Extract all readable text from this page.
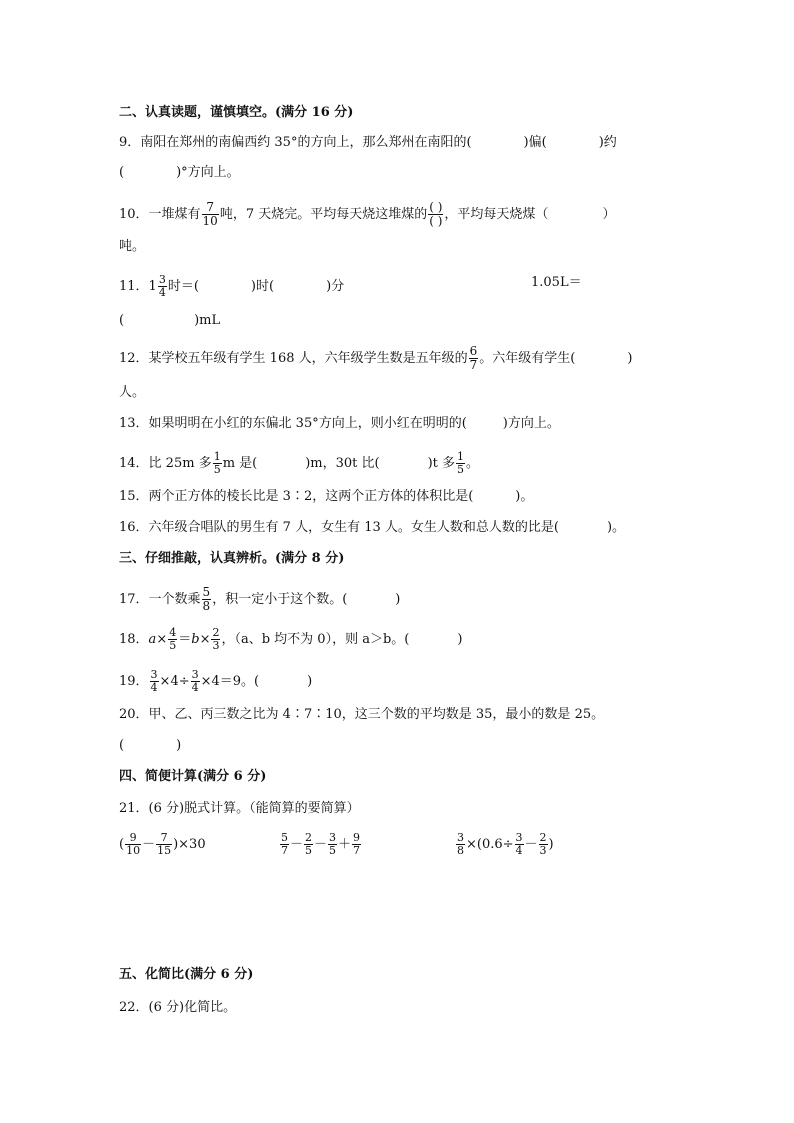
二、认真读题，谨慎填空。(满分 16 分)
9．南阳在郑州的南偏西约 35°的方向上，那么郑州在南阳的(	)偏(	)约
(	)°方向上。
10．一堆煤有 $\frac{7}{10}$ 吨，7 天烧完。平均每天烧这堆煤的 ( )
( ) ，平均每天烧煤（	）
吨。
11．$1 \frac{3}{4}$ 时＝(	)时(	)分	1.05L＝
(	)mL
12．某学校五年级有学生 168 人，六年级学生数是五年级的 $\frac{6}{7}$ 。六年级有学生(	)
人。
13．如果明明在小红的东偏北 35°方向上，则小红在明明的(	)方向上。
14．比 25m 多 $\frac{1}{5}$ m 是(	)m，30t 比(	)t 多 $\frac{1}{5}$ 。
15．两个正方体的棱长比是 3∶2，这两个正方体的体积比是(	)。
16．六年级合唱队的男生有 7 人，女生有 13 人。女生人数和总人数的比是(	)。
三、仔细推敲，认真辨析。(满分 8 分)
17．一个数乘 $\frac{5}{8}$ ，积一定小于这个数。(	)
18．$a\times \frac{4}{5} =b\times \frac{2}{3}$ ，（a、b 均不为 0），则 a＞b。(	)
19． $\frac{3}{4} \times 4\div \frac{3}{4} \times 4=9$。(	)
20．甲、乙、丙三数之比为 4∶7∶10，这三个数的平均数是 35，最小的数是 25。
(	)
四、简便计算(满分 6 分)
21．(6 分)脱式计算。（能简算的要简算）
( $\frac{9}{10} - \frac{7}{15} )\times 30$	$\frac{5}{7} - \frac{2}{5} - \frac{3}{5} + \frac{9}{7}$	$\frac{3}{8} \times(0.6\div \frac{3}{4} - \frac{2}{3}$ )
五、化简比(满分 6 分)
22．(6 分)化简比。
